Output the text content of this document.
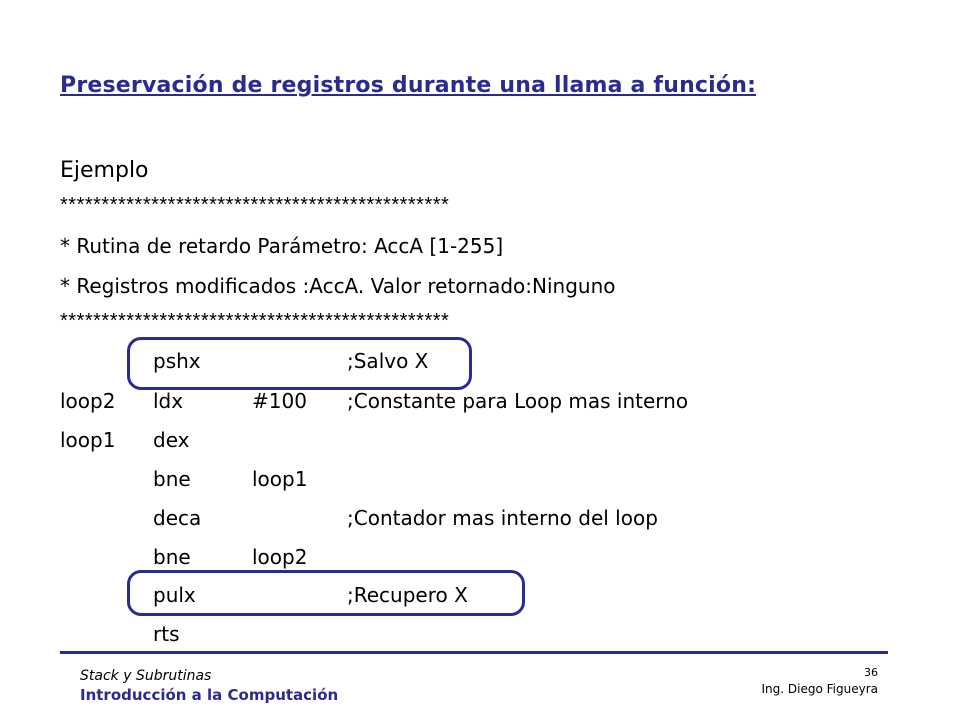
Preservación de registros durante una llama a función:
Ejemplo
***********************************************
* Rutina de retardo Parámetro: AccA [1-255]
* Registros modificados :AccA. Valor retornado:Ninguno
***********************************************
pshx	;Salvo X
loop2 ldx	#100 ;Constante para Loop mas interno
loop1 dex
bne	loop1
deca	;Contador mas interno del loop
bne	loop2
pulx	;Recupero X
rts
Stack y Subrutinas
Introducción a la Computación
36
Ing. Diego Figueyra
